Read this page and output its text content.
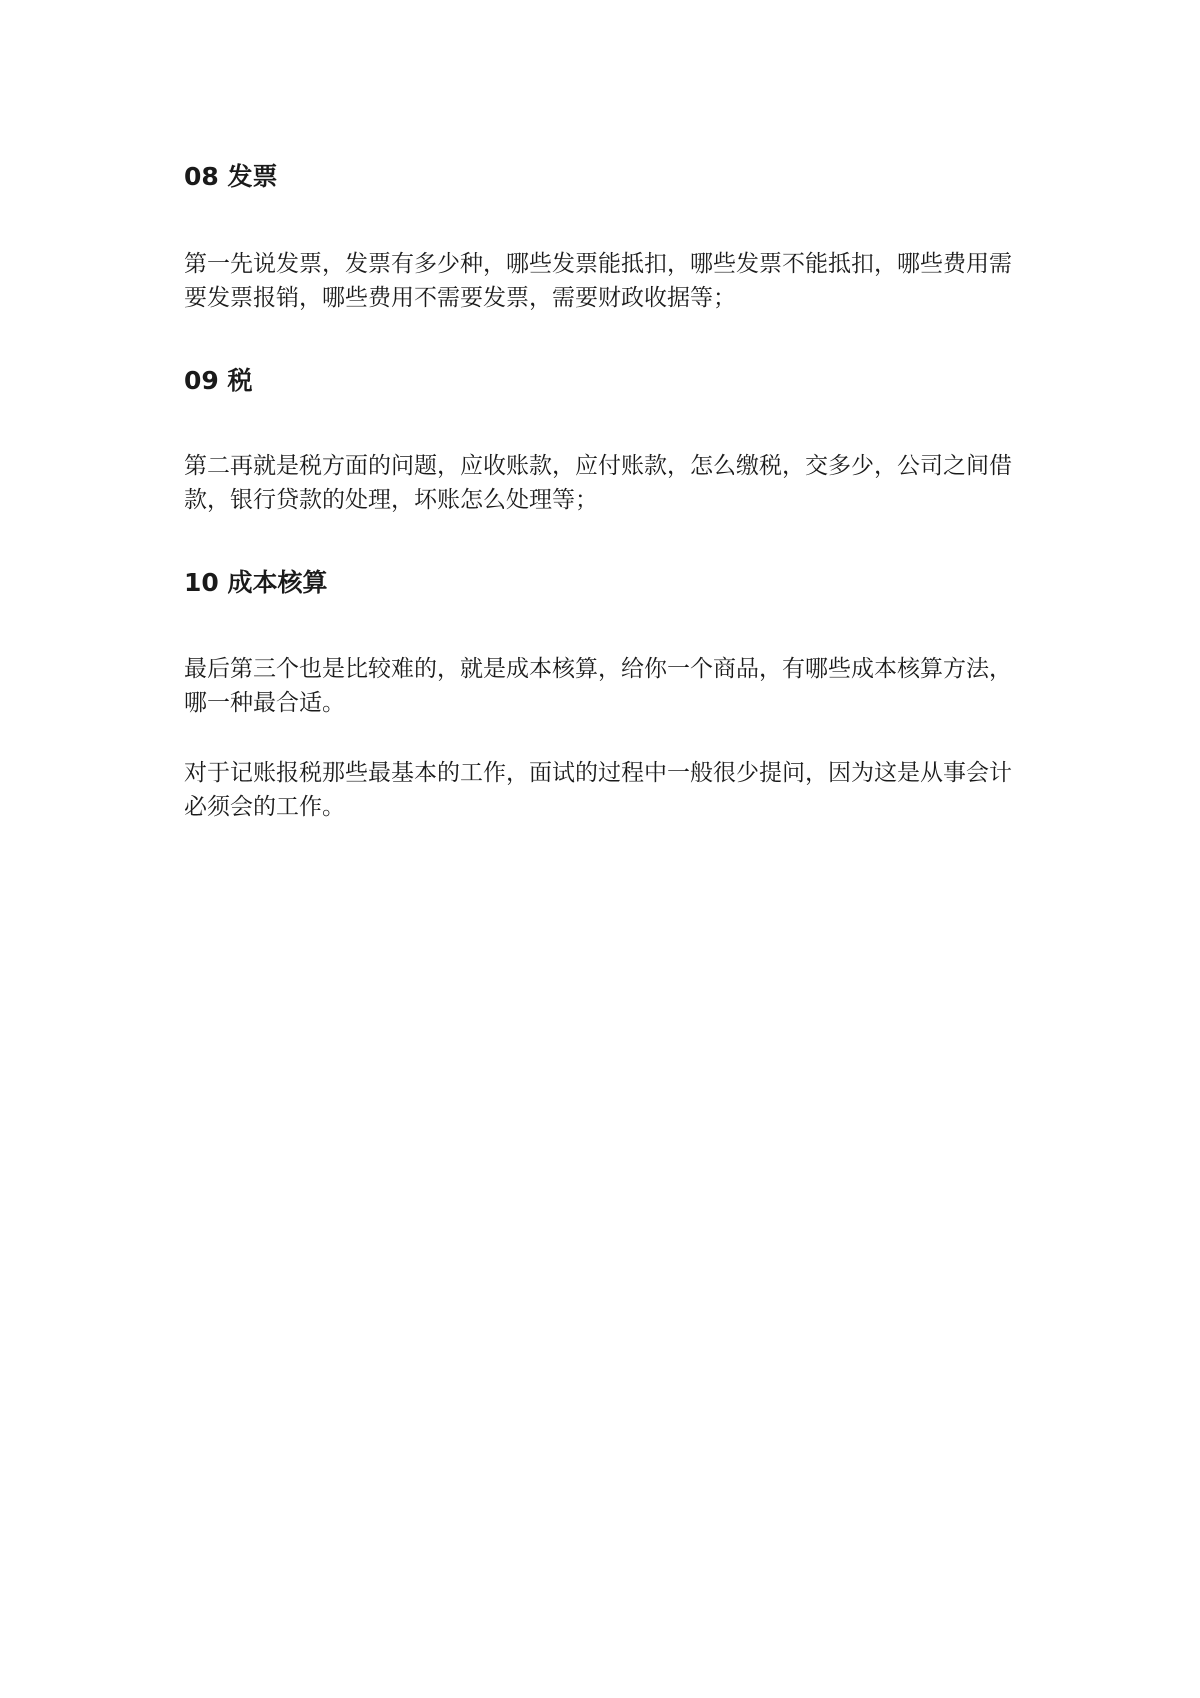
08 发票

第一先说发票，发票有多少种，哪些发票能抵扣，哪些发票不能抵扣，哪些费用需要发票报销，哪些费用不需要发票，需要财政收据等；

09 税

第二再就是税方面的问题，应收账款，应付账款，怎么缴税，交多少，公司之间借款，银行贷款的处理，坏账怎么处理等；

10 成本核算

最后第三个也是比较难的，就是成本核算，给你一个商品，有哪些成本核算方法，哪一种最合适。

对于记账报税那些最基本的工作，面试的过程中一般很少提问，因为这是从事会计必须会的工作。
